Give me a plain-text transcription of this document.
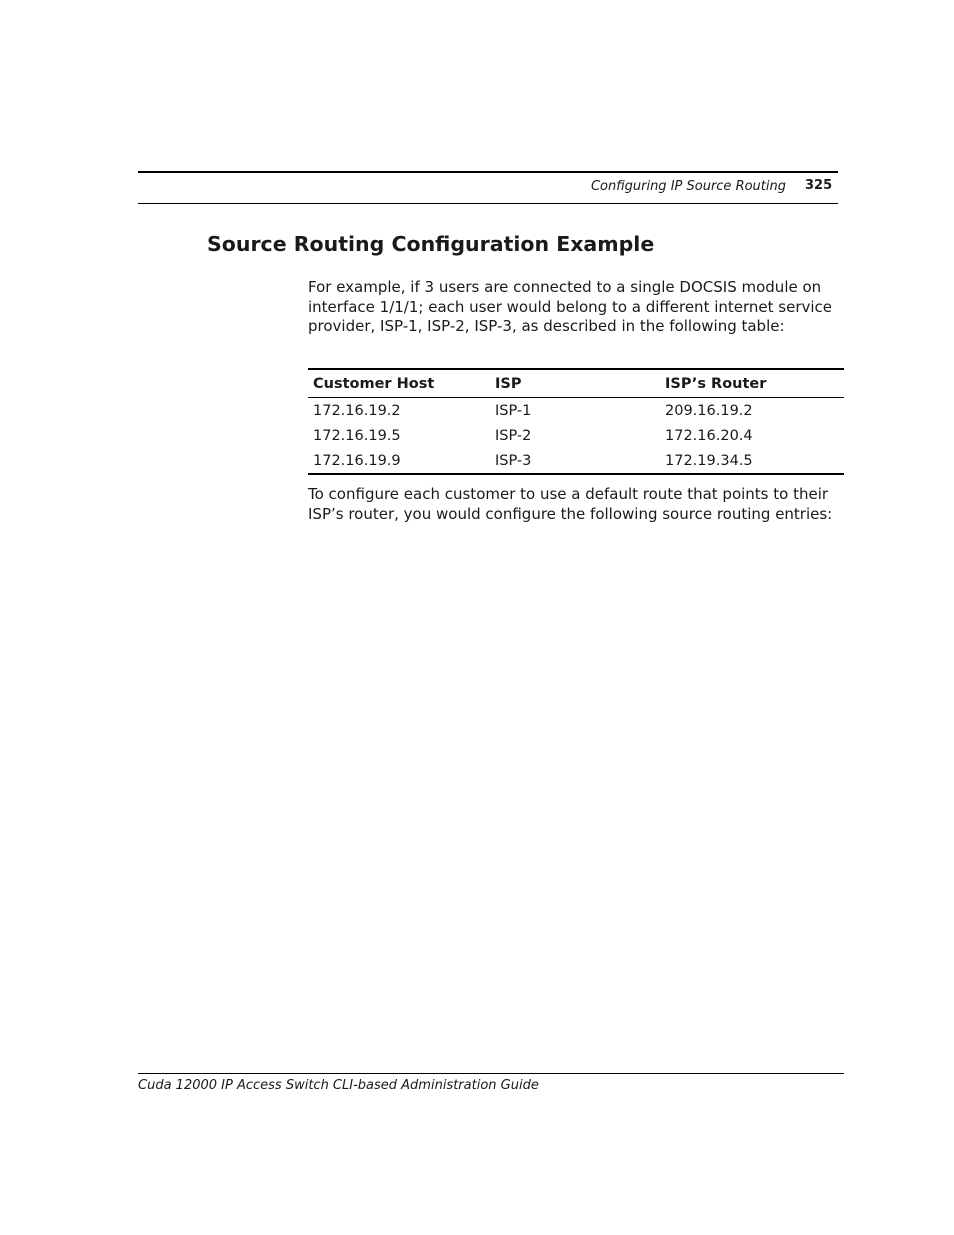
Configuring IP Source Routing 325
Source Routing Configuration Example

For example, if 3 users are connected to a single DOCSIS module on interface 1/1/1; each user would belong to a different internet service provider, ISP-1, ISP-2, ISP-3, as described in the following table:

Customer Host	ISP	ISP’s Router
172.16.19.2	ISP-1	209.16.19.2
172.16.19.5	ISP-2	172.16.20.4
172.16.19.9	ISP-3	172.19.34.5

To configure each customer to use a default route that points to their ISP’s router, you would configure the following source routing entries:

Cuda 12000 IP Access Switch CLI-based Administration Guide
